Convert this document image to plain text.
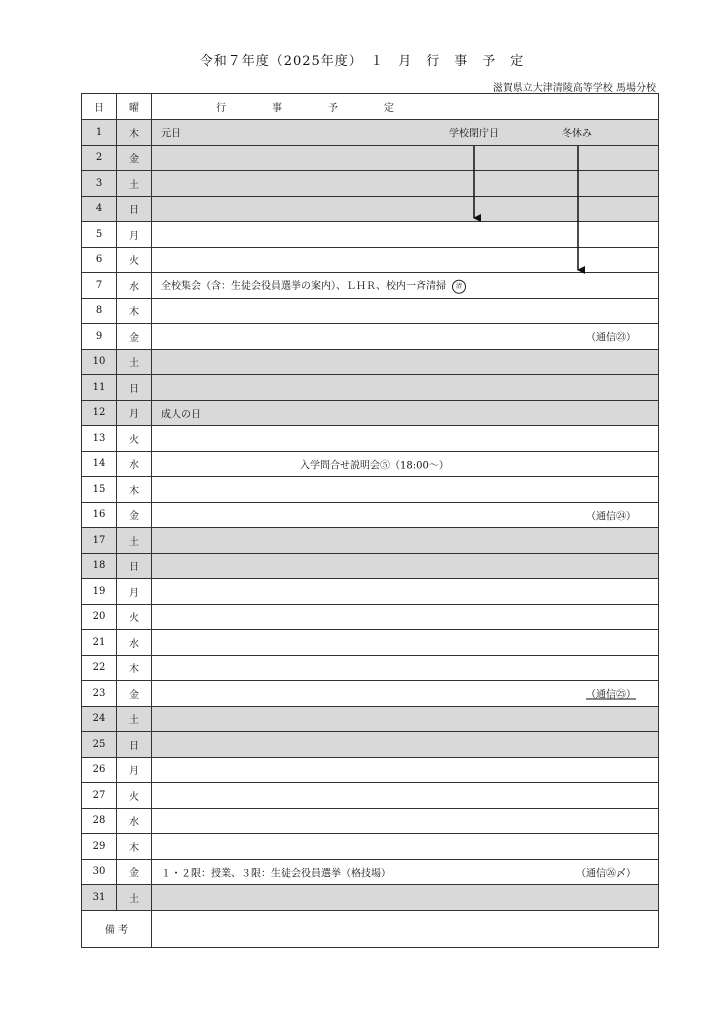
令和７年度（2025年度）　１　月　行　事　予　定
滋賀県立大津清陵高等学校 馬場分校
日	曜	行 事 予 定

1	木	元日 学校閉庁日 冬休み

2	金	
3	土	
4	日	
5	月	
6	火	
7	水	全校集会（含：生徒会役員選挙の案内）、ＬＨＲ、校内一斉清掃 清

8	木	
9	金	（通信㉓）

10	土	
11	日	
12	月	成人の日

13	火	
14	水	入学問合せ説明会⑤（18:00～）

15	木	
16	金	（通信㉔）

17	土	
18	日	
19	月	
20	火	
21	水	
22	木	
23	金	（通信㉕）

24	土	
25	日	
26	月	
27	火	
28	水	
29	木	
30	金	１・２限：授業、３限：生徒会役員選挙（格技場） （通信㉖〆）

31	土	
備 考		
